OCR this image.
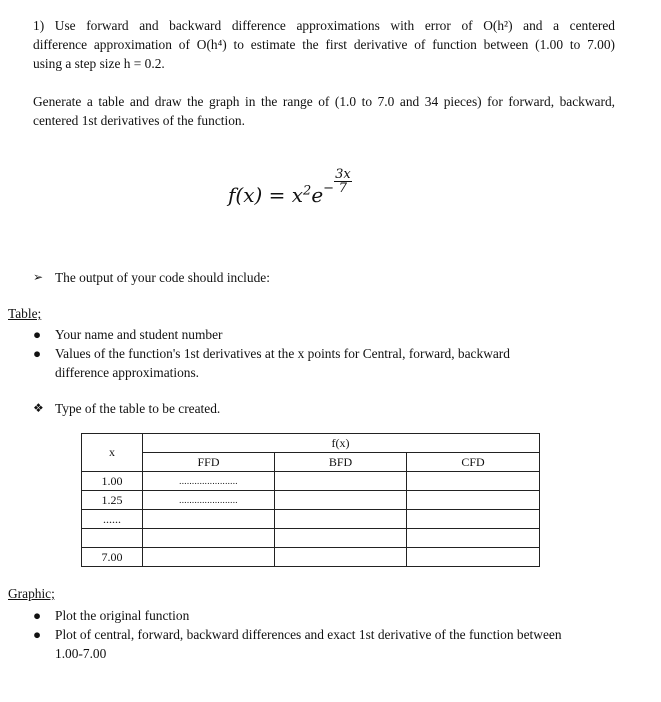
1) Use forward and backward difference approximations with error of O(h²) and a centered
difference approximation of O(h⁴) to estimate the first derivative of function between (1.00 to 7.00)
using a step size h = 0.2.
Generate a table and draw the graph in the range of (1.0 to 7.0 and 34 pieces) for forward, backward,
centered 1st derivatives of the function.
$f(x) = x^2e^- \frac{3x}{7}$
➢ The output of your code should include:
Table;
● Your name and student number
● Values of the function's 1st derivatives at the x points for Central, forward, backward
difference approximations.
❖ Type of the table to be created.
x		f(x)	
	FFD	BFD	CFD
1.00	.......................		
1.25	.......................		
......			

7.00			
Graphic;
● Plot the original function
● Plot of central, forward, backward differences and exact 1st derivative of the function between
1.00-7.00
